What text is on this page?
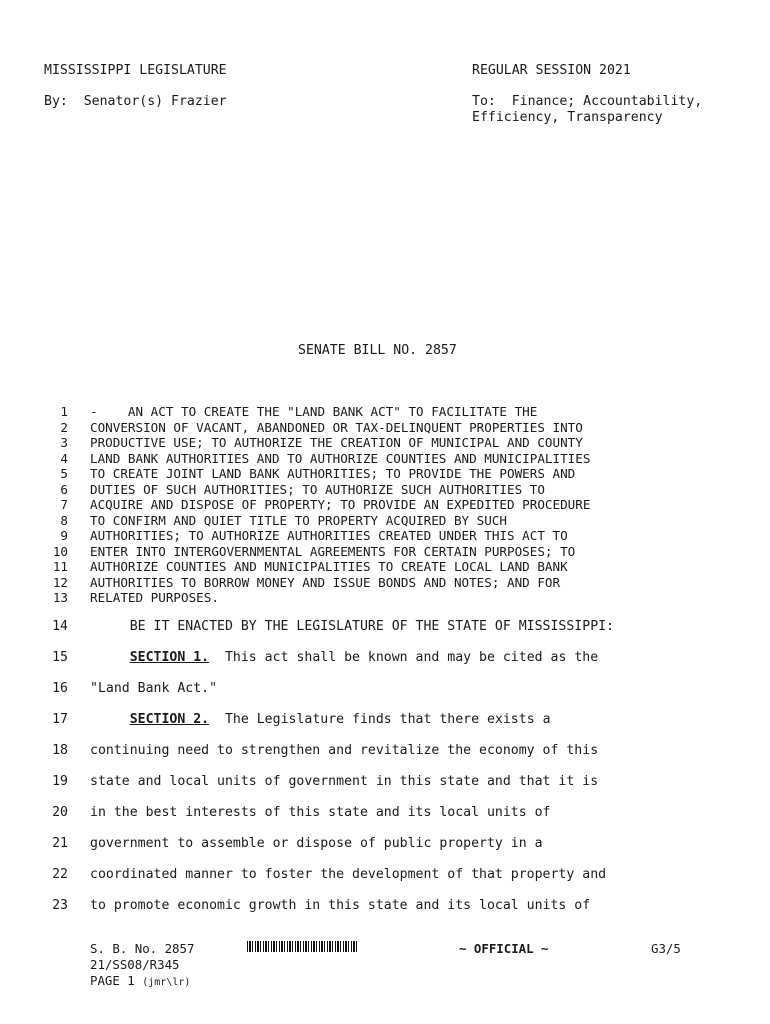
MISSISSIPPI LEGISLATURE	REGULAR SESSION 2021
By:  Senator(s) Frazier	To:  Finance; Accountability,
Efficiency, Transparency
SENATE BILL NO. 2857
1 -    AN ACT TO CREATE THE "LAND BANK ACT" TO FACILITATE THE
2 CONVERSION OF VACANT, ABANDONED OR TAX-DELINQUENT PROPERTIES INTO
3 PRODUCTIVE USE; TO AUTHORIZE THE CREATION OF MUNICIPAL AND COUNTY
4 LAND BANK AUTHORITIES AND TO AUTHORIZE COUNTIES AND MUNICIPALITIES
5 TO CREATE JOINT LAND BANK AUTHORITIES; TO PROVIDE THE POWERS AND
6 DUTIES OF SUCH AUTHORITIES; TO AUTHORIZE SUCH AUTHORITIES TO
7 ACQUIRE AND DISPOSE OF PROPERTY; TO PROVIDE AN EXPEDITED PROCEDURE
8 TO CONFIRM AND QUIET TITLE TO PROPERTY ACQUIRED BY SUCH
9 AUTHORITIES; TO AUTHORIZE AUTHORITIES CREATED UNDER THIS ACT TO
10 ENTER INTO INTERGOVERNMENTAL AGREEMENTS FOR CERTAIN PURPOSES; TO
11 AUTHORIZE COUNTIES AND MUNICIPALITIES TO CREATE LOCAL LAND BANK
12 AUTHORITIES TO BORROW MONEY AND ISSUE BONDS AND NOTES; AND FOR
13 RELATED PURPOSES.
14 BE IT ENACTED BY THE LEGISLATURE OF THE STATE OF MISSISSIPPI:
15	SECTION 1.  This act shall be known and may be cited as the
16 "Land Bank Act."
17	SECTION 2.  The Legislature finds that there exists a
18 continuing need to strengthen and revitalize the economy of this
19 state and local units of government in this state and that it is
20 in the best interests of this state and its local units of
21 government to assemble or dispose of public property in a
22 coordinated manner to foster the development of that property and
23 to promote economic growth in this state and its local units of
S. B. No. 2857	~ OFFICIAL ~	G3/5
21/SS08/R345
PAGE 1 (jmr\lr)
